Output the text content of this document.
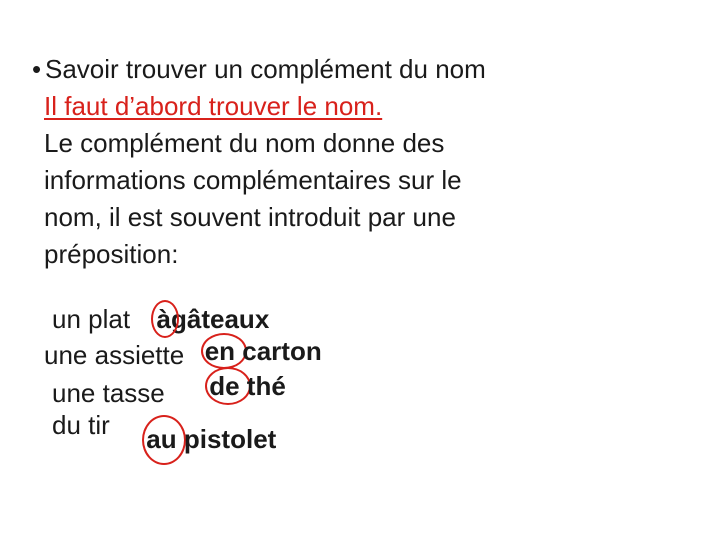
• Savoir trouver un complément du nom
Il faut d’abord trouver le nom.
Le complément du nom donne des
informations complémentaires sur le
nom, il est souvent introduit par une
préposition:
un plat à
gâteaux
une assiette en carton
une tasse de thé
du tir au pistolet
